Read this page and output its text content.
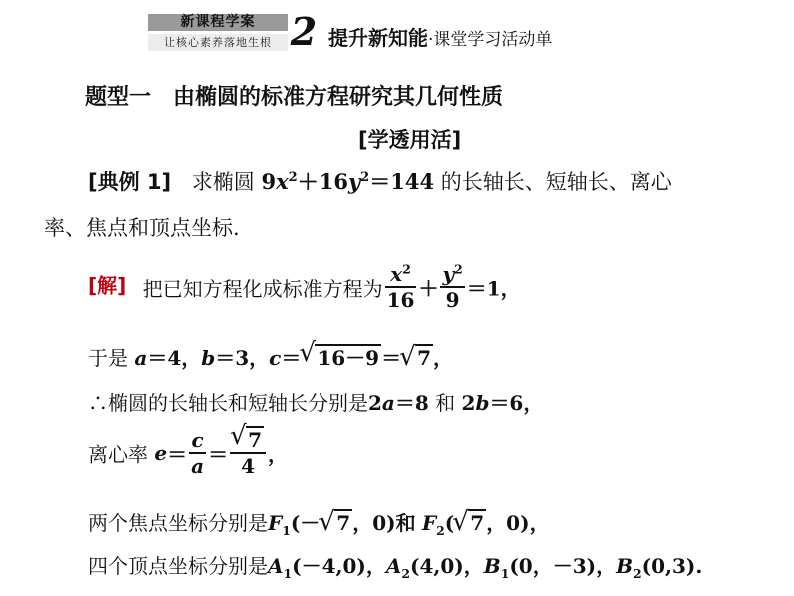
新课程学案
让核心素养落地生根 2 提升新知能·课堂学习活动单
题型一　由椭圆的标准方程研究其几何性质
[学透用活]
[典例 1] 求椭圆 $9x^2+16y^2=144$ 的长轴长、短轴长、离心
率、焦点和顶点坐标.
[解] 把已知方程化成标准方程为 $\frac{x^2}{16} + \frac{y^2}{9} =1$，
于是 a＝4，b＝3，c＝√ 16－9 ＝√ 7 ，
∴椭圆的长轴长和短轴长分别是2a＝8 和 2b＝6，
离心率 $e= \frac{c}{a}$ ＝
√ $\frac{7}{4}$ ，
两个焦点坐标分别是$F_1(-√$ 7 ，0)和 $F_2(√$ 7 ，0)，
四个顶点坐标分别是$A_1(-4,0)$，$A_2(4,0)$，$B_1(0$，－3)，$B_2(0,3)$.
